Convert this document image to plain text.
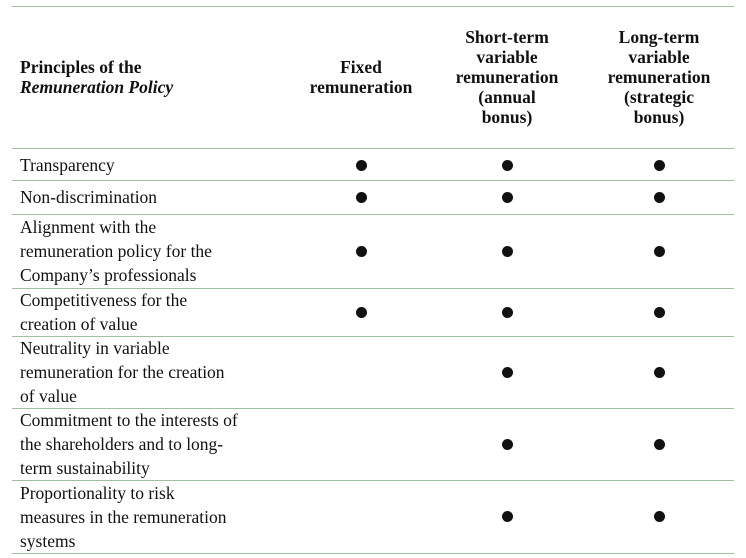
Principles of the
Remuneration Policy
Fixed
remuneration
Short-term
variable
remuneration
(annual
bonus)
Long-term
variable
remuneration
(strategic
bonus)
Transparency
Non-discrimination
Alignment with the
remuneration policy for the
Company’s professionals
Competitiveness for the
creation of value
Neutrality in variable
remuneration for the creation
of value
Commitment to the interests of
the shareholders and to long-
term sustainability
Proportionality to risk
measures in the remuneration
systems
